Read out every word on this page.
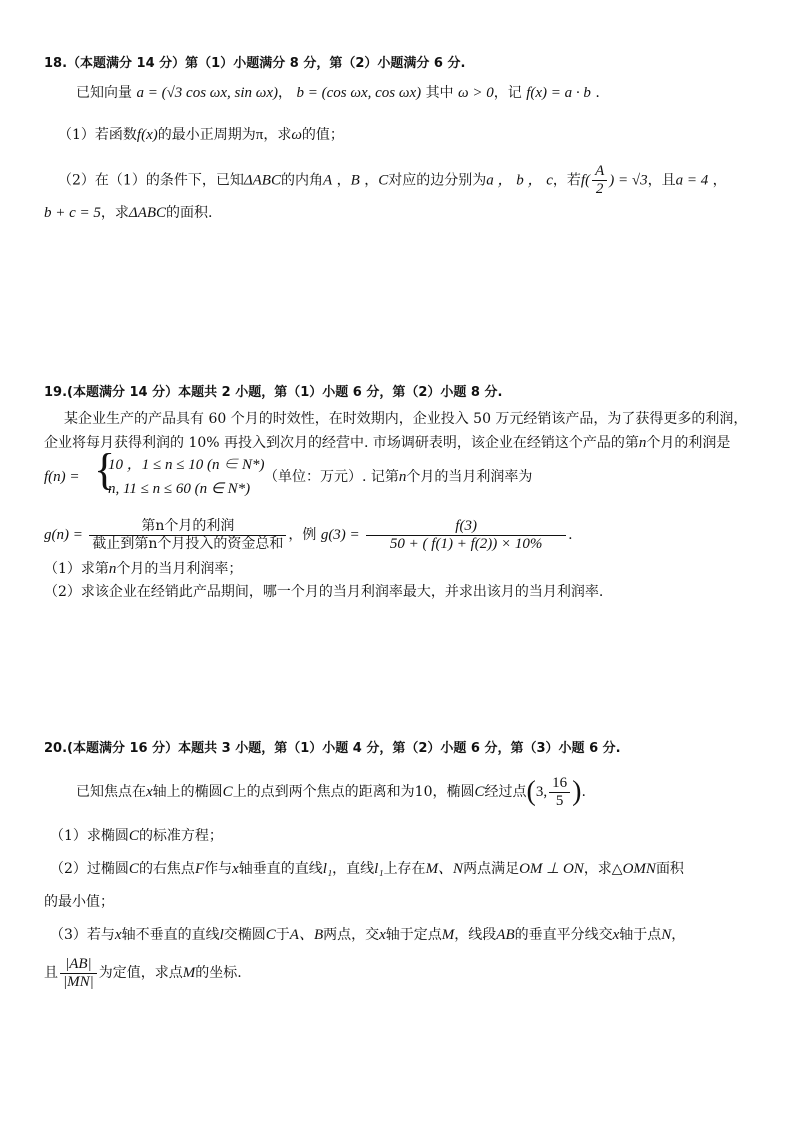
18.（本题满分 14 分）第（1）小题满分 8 分，第（2）小题满分 6 分.
已知向量 a = (√3 cos ωx, sin ωx)， b = (cos ωx, cos ωx) 其中 ω > 0，记 f(x) = a · b .
（1）若函数f(x)的最小正周期为π，求ω的值；
（2）在（1）的条件下，已知ΔABC的内角A ，B ，C对应的边分别为a ， b ， c，若$f( \frac{A}{2}$ ) = √3，且a = 4 ，
b + c = 5，求ΔABC的面积.
19.(本题满分 14 分）本题共 2 小题，第（1）小题 6 分，第（2）小题 8 分.
某企业生产的产品具有 60 个月的时效性，在时效期内，企业投入 50 万元经销该产品，为了获得更多的利润，
企业将每月获得利润的 10% 再投入到次月的经营中. 市场调研表明，该企业在经销这个产品的第n个月的利润是
f(n) = {
10 ，1 ≤ n ≤ 10 (n ∈ N*)
n, 11 ≤ n ≤ 60 (n ∈ N*)
（单位：万元）. 记第n个月的当月利润率为
$g(n) = \frac{\text{第n个月的利润}}{\text{截止到第n个月投入的资金总和}}$ ，例 $g(3) = \frac{f(3)}{50 + ( f(1) + f(2)) \times 10\%}$ .
（1）求第n个月的当月利润率；
（2）求该企业在经销此产品期间，哪一个月的当月利润率最大，并求出该月的当月利润率.
20.(本题满分 16 分）本题共 3 小题，第（1）小题 4 分，第（2）小题 6 分，第（3）小题 6 分.
已知焦点在x轴上的椭圆C上的点到两个焦点的距离和为10，椭圆C经过点(3, $\frac{16}{5}$ ).
（1）求椭圆C的标准方程；
（2）过椭圆C的右焦点F作与x轴垂直的直线l₁，直线l₁上存在M、N两点满足OM ⊥ ON，求△OMN面积
的最小值；
（3）若与x轴不垂直的直线l交椭圆C于A、B两点，交x轴于定点M，线段AB的垂直平分线交x轴于点N，
且 $\frac{|AB|}{|MN|}$ 为定值，求点M的坐标.
